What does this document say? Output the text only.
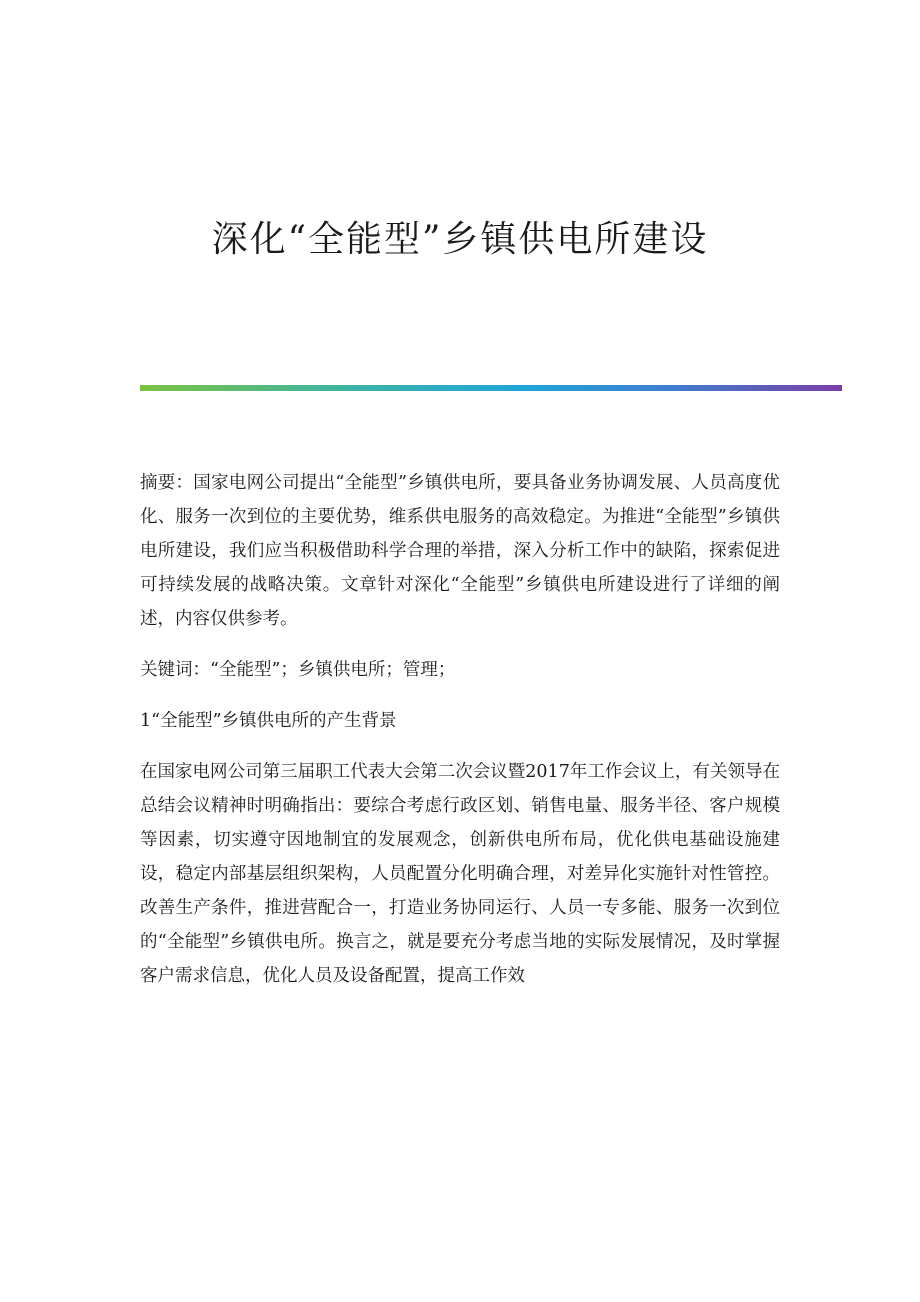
深化“全能型”乡镇供电所建设

摘要：国家电网公司提出“全能型”乡镇供电所，要具备业务协调发展、人员高度优化、服务一次到位的主要优势，维系供电服务的高效稳定。为推进“全能型”乡镇供电所建设，我们应当积极借助科学合理的举措，深入分析工作中的缺陷，探索促进可持续发展的战略决策。文章针对深化“全能型”乡镇供电所建设进行了详细的阐述，内容仅供参考。

关键词：“全能型”；乡镇供电所；管理；

1“全能型”乡镇供电所的产生背景

在国家电网公司第三届职工代表大会第二次会议暨2017年工作会议上，有关领导在总结会议精神时明确指出：要综合考虑行政区划、销售电量、服务半径、客户规模等因素，切实遵守因地制宜的发展观念，创新供电所布局，优化供电基础设施建设，稳定内部基层组织架构，人员配置分化明确合理，对差异化实施针对性管控。改善生产条件，推进营配合一，打造业务协同运行、人员一专多能、服务一次到位的“全能型”乡镇供电所。换言之，就是要充分考虑当地的实际发展情况，及时掌握客户需求信息，优化人员及设备配置，提高工作效
